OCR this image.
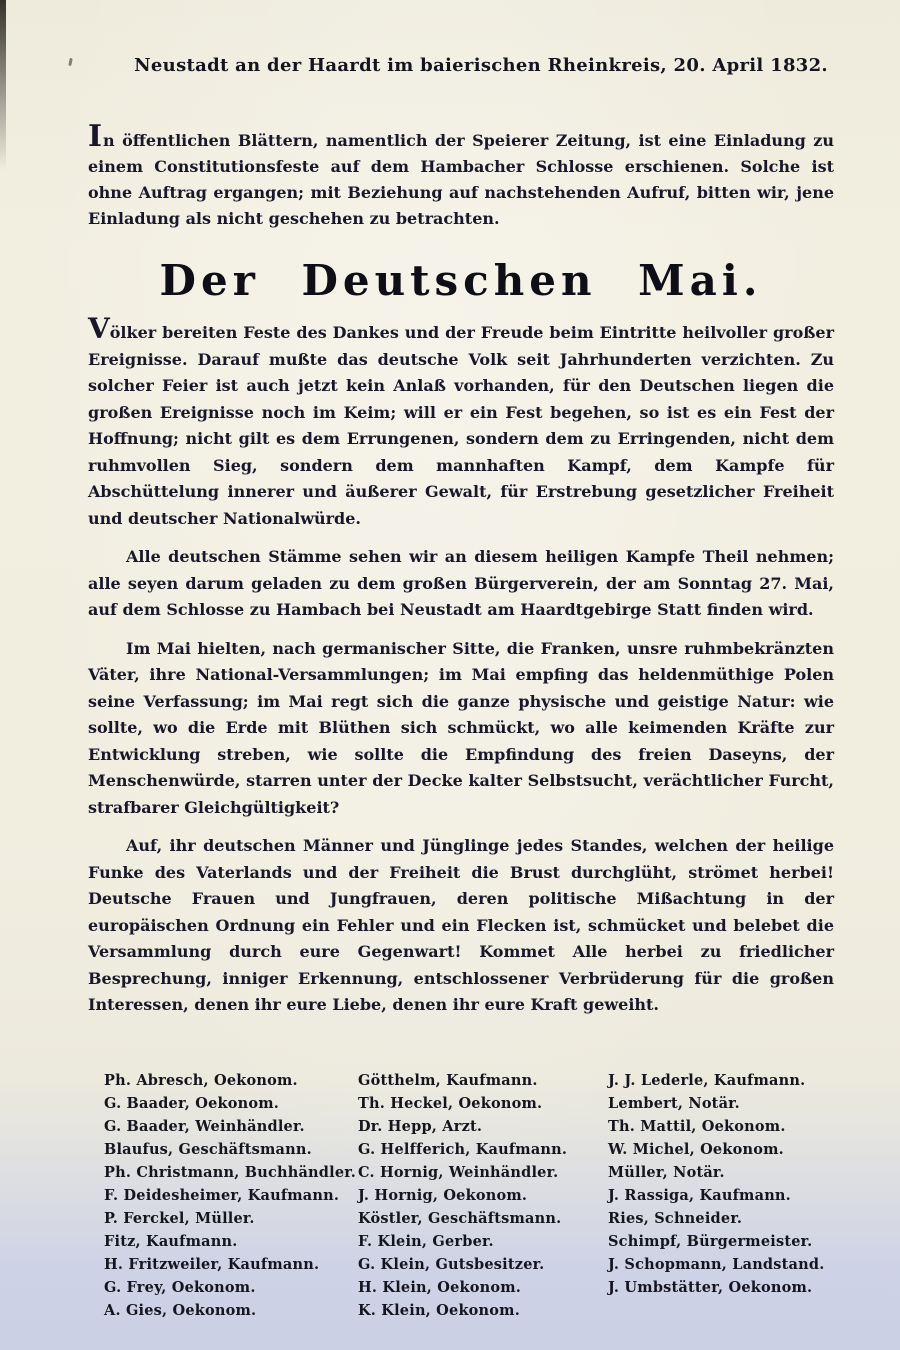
Neustadt an der Haardt im baierischen Rheinkreis, 20. April 1832.
In öffentlichen Blättern, namentlich der Speierer Zeitung, ist eine Einladung zu einem Constitutionsfeste auf dem Hambacher Schlosse erschienen. Solche ist ohne Auftrag ergangen; mit Beziehung auf nachstehenden Aufruf, bitten wir, jene Einladung als nicht geschehen zu betrachten.
Der Deutschen Mai.
Völker bereiten Feste des Dankes und der Freude beim Eintritte heilvoller großer Ereignisse. Darauf mußte das deutsche Volk seit Jahrhunderten verzichten. Zu solcher Feier ist auch jetzt kein Anlaß vorhanden, für den Deutschen liegen die großen Ereignisse noch im Keim; will er ein Fest begehen, so ist es ein Fest der Hoffnung; nicht gilt es dem Errungenen, sondern dem zu Erringenden, nicht dem ruhmvollen Sieg, sondern dem mannhaften Kampf, dem Kampfe für Abschüttelung innerer und äußerer Gewalt, für Erstrebung gesetzlicher Freiheit und deutscher Nationalwürde.
Alle deutschen Stämme sehen wir an diesem heiligen Kampfe Theil nehmen; alle seyen darum geladen zu dem großen Bürgerverein, der am Sonntag 27. Mai, auf dem Schlosse zu Hambach bei Neustadt am Haardtgebirge Statt finden wird.
Im Mai hielten, nach germanischer Sitte, die Franken, unsre ruhmbekränzten Väter, ihre National-Versammlungen; im Mai empfing das heldenmüthige Polen seine Verfassung; im Mai regt sich die ganze physische und geistige Natur: wie sollte, wo die Erde mit Blüthen sich schmückt, wo alle keimenden Kräfte zur Entwicklung streben, wie sollte die Empfindung des freien Daseyns, der Menschenwürde, starren unter der Decke kalter Selbstsucht, verächtlicher Furcht, strafbarer Gleichgültigkeit?
Auf, ihr deutschen Männer und Jünglinge jedes Standes, welchen der heilige Funke des Vaterlands und der Freiheit die Brust durchglüht, strömet herbei! Deutsche Frauen und Jungfrauen, deren politische Mißachtung in der europäischen Ordnung ein Fehler und ein Flecken ist, schmücket und belebet die Versammlung durch eure Gegenwart! Kommet Alle herbei zu friedlicher Besprechung, inniger Erkennung, entschlossener Verbrüderung für die großen Interessen, denen ihr eure Liebe, denen ihr eure Kraft geweiht.
Ph. Abresch, Oekonom.
G. Baader, Oekonom.
G. Baader, Weinhändler.
Blaufus, Geschäftsmann.
Ph. Christmann, Buchhändler.
F. Deidesheimer, Kaufmann.
P. Ferckel, Müller.
Fitz, Kaufmann.
H. Fritzweiler, Kaufmann.
G. Frey, Oekonom.
A. Gies, Oekonom.
Götthelm, Kaufmann.
Th. Heckel, Oekonom.
Dr. Hepp, Arzt.
G. Helfferich, Kaufmann.
C. Hornig, Weinhändler.
J. Hornig, Oekonom.
Köstler, Geschäftsmann.
F. Klein, Gerber.
G. Klein, Gutsbesitzer.
H. Klein, Oekonom.
K. Klein, Oekonom.
J. J. Lederle, Kaufmann.
Lembert, Notär.
Th. Mattil, Oekonom.
W. Michel, Oekonom.
Müller, Notär.
J. Rassiga, Kaufmann.
Ries, Schneider.
Schimpf, Bürgermeister.
J. Schopmann, Landstand.
J. Umbstätter, Oekonom.
